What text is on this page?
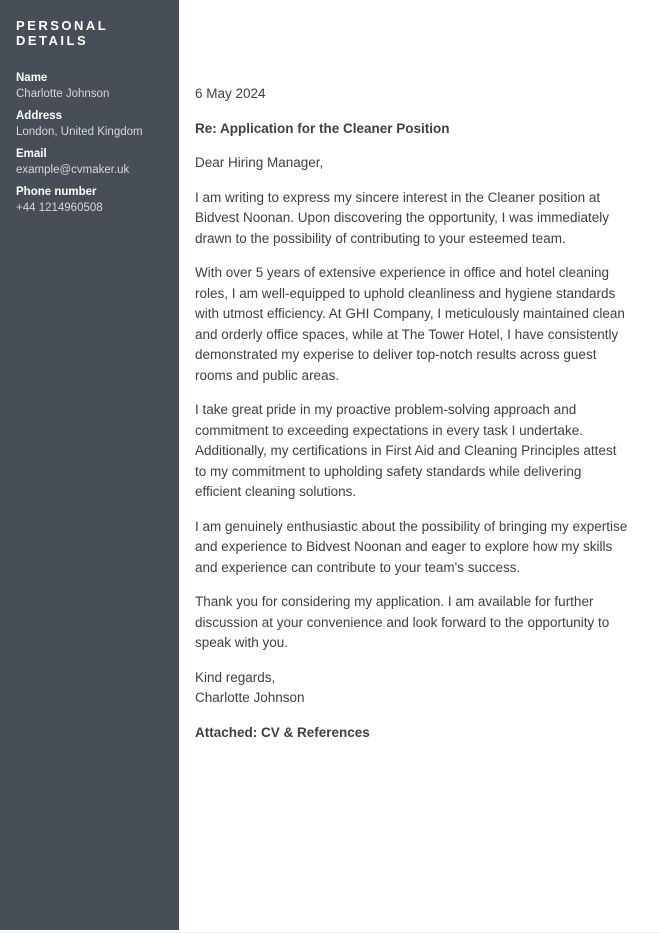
PERSONAL DETAILS
Name
Charlotte Johnson
Address
London, United Kingdom
Email
example@cvmaker.uk
Phone number
+44 1214960508
6 May 2024
Re: Application for the Cleaner Position
Dear Hiring Manager,

I am writing to express my sincere interest in the Cleaner position at Bidvest Noonan. Upon discovering the opportunity, I was immediately drawn to the possibility of contributing to your esteemed team.

With over 5 years of extensive experience in office and hotel cleaning roles, I am well-equipped to uphold cleanliness and hygiene standards with utmost efficiency. At GHI Company, I meticulously maintained clean and orderly office spaces, while at The Tower Hotel, I have consistently demonstrated my experise to deliver top-notch results across guest rooms and public areas.

I take great pride in my proactive problem-solving approach and commitment to exceeding expectations in every task I undertake. Additionally, my certifications in First Aid and Cleaning Principles attest to my commitment to upholding safety standards while delivering efficient cleaning solutions.

I am genuinely enthusiastic about the possibility of bringing my expertise and experience to Bidvest Noonan and eager to explore how my skills and experience can contribute to your team's success.

Thank you for considering my application. I am available for further discussion at your convenience and look forward to the opportunity to speak with you.

Kind regards,
Charlotte Johnson
Attached: CV & References
